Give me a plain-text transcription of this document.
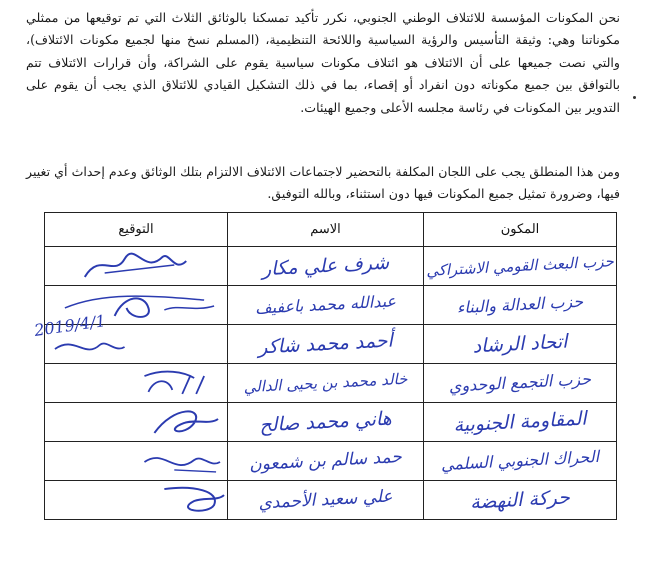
نحن المكونات المؤسسة للائتلاف الوطني الجنوبي، نكرر تأكيد تمسكنا بالوثائق الثلاث التي تم توقيعها من ممثلي مكوناتنا وهي: وثيقة التأسيس والرؤية السياسية واللائحة التنظيمية، (المسلم نسخ منها لجميع مكونات الائتلاف)، والتي نصت جميعها على أن الائتلاف هو ائتلاف مكونات سياسية يقوم على الشراكة، وأن قرارات الائتلاف تتم بالتوافق بين جميع مكوناته دون انفراد أو إقصاء، بما في ذلك التشكيل القيادي للائتلاق الذي يجب أن يقوم على التدوير بين المكونات في رئاسة مجلسه الأعلى وجميع الهيئات.

ومن هذا المنطلق يجب على اللجان المكلفة بالتحضير لاجتماعات الائتلاف الالتزام بتلك الوثائق وعدم إحداث أي تغيير فيها، وضرورة تمثيل جميع المكونات فيها دون استثناء، وبالله التوفيق.

المكون	الاسم	التوقيع

حزب البعث القومي الاشتراكي	شرف علي مكار

حزب العدالة والبناء	عبدالله محمد باعفيف

اتحاد الرشاد	أحمد محمد شاكر

حزب التجمع الوحدوي	خالد محمد بن يحيى الدالي

المقاومة الجنوبية	هاني محمد صالح

الحراك الجنوبي السلمي	حمد سالم بن شمعون

حركة النهضة	علي سعيد الأحمدي

2019/4/1
